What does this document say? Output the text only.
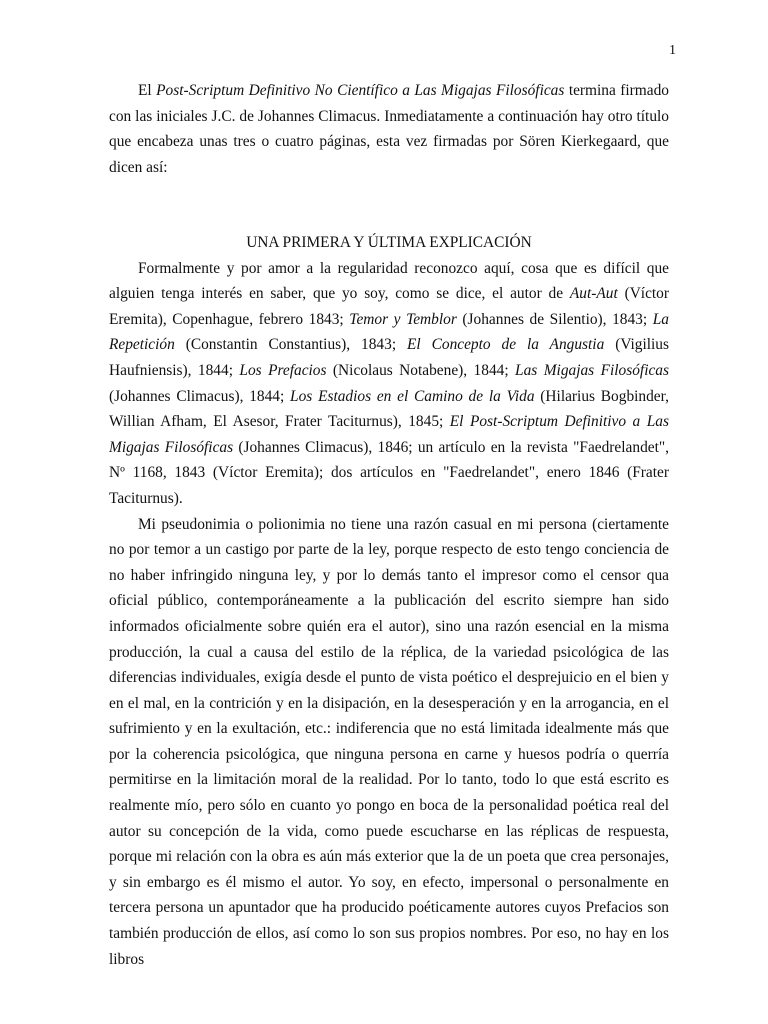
1

El Post-Scriptum Definitivo No Científico a Las Migajas Filosóficas termina firmado con las iniciales J.C. de Johannes Climacus. Inmediatamente a continuación hay otro título que encabeza unas tres o cuatro páginas, esta vez firmadas por Sören Kierkegaard, que dicen así:

UNA PRIMERA Y ÚLTIMA EXPLICACIÓN

Formalmente y por amor a la regularidad reconozco aquí, cosa que es difícil que alguien tenga interés en saber, que yo soy, como se dice, el autor de Aut-Aut (Víctor Eremita), Copenhague, febrero 1843; Temor y Temblor (Johannes de Silentio), 1843; La Repetición (Constantin Constantius), 1843; El Concepto de la Angustia (Vigilius Haufniensis), 1844; Los Prefacios (Nicolaus Notabene), 1844; Las Migajas Filosóficas (Johannes Climacus), 1844; Los Estadios en el Camino de la Vida (Hilarius Bogbinder, Willian Afham, El Asesor, Frater Taciturnus), 1845; El Post-Scriptum Definitivo a Las Migajas Filosóficas (Johannes Climacus), 1846; un artículo en la revista "Faedrelandet", Nº 1168, 1843 (Víctor Eremita); dos artículos en "Faedrelandet", enero 1846 (Frater Taciturnus).

Mi pseudonimia o polionimia no tiene una razón casual en mi persona (ciertamente no por temor a un castigo por parte de la ley, porque respecto de esto tengo conciencia de no haber infringido ninguna ley, y por lo demás tanto el impresor como el censor qua oficial público, contemporáneamente a la publicación del escrito siempre han sido informados oficialmente sobre quién era el autor), sino una razón esencial en la misma producción, la cual a causa del estilo de la réplica, de la variedad psicológica de las diferencias individuales, exigía desde el punto de vista poético el desprejuicio en el bien y en el mal, en la contrición y en la disipación, en la desesperación y en la arrogancia, en el sufrimiento y en la exultación, etc.: indiferencia que no está limitada idealmente más que por la coherencia psicológica, que ninguna persona en carne y huesos podría o querría permitirse en la limitación moral de la realidad. Por lo tanto, todo lo que está escrito es realmente mío, pero sólo en cuanto yo pongo en boca de la personalidad poética real del autor su concepción de la vida, como puede escucharse en las réplicas de respuesta, porque mi relación con la obra es aún más exterior que la de un poeta que crea personajes, y sin embargo es él mismo el autor. Yo soy, en efecto, impersonal o personalmente en tercera persona un apuntador que ha producido poéticamente autores cuyos Prefacios son también producción de ellos, así como lo son sus propios nombres. Por eso, no hay en los libros
